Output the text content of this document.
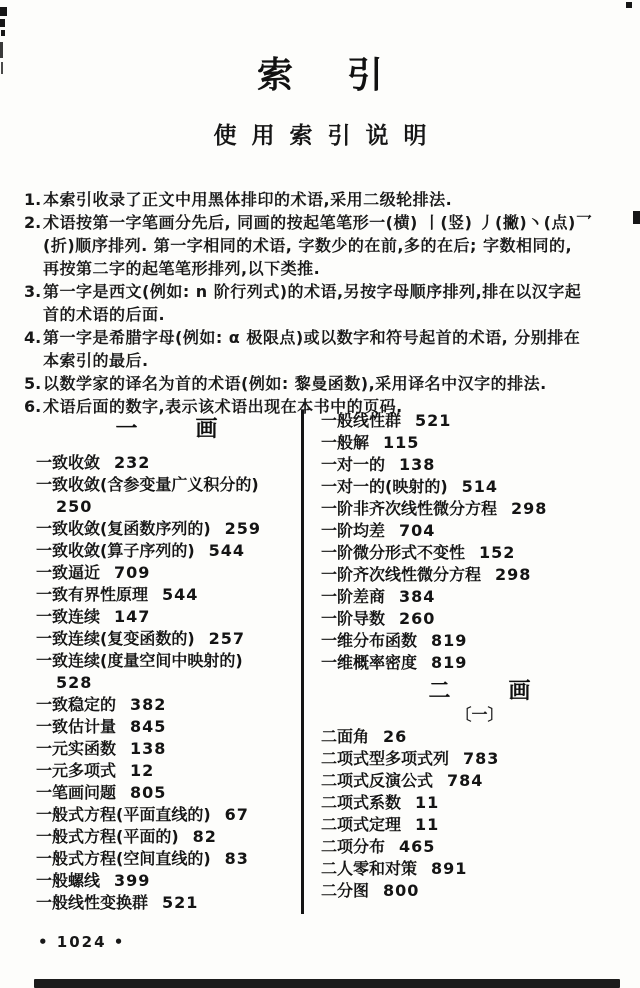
索引
使用索引说明
1. 本索引收录了正文中用黑体排印的术语,采用二级轮排法.
2. 术语按第一字笔画分先后, 同画的按起笔笔形一(横) 丨(竖) 丿(撇)丶(点)乛
(折)顺序排列. 第一字相同的术语, 字数少的在前,多的在后; 字数相同的,
再按第二字的起笔笔形排列,以下类推.
3. 第一字是西文(例如: n 阶行列式)的术语,另按字母顺序排列,排在以汉字起
首的术语的后面.
4. 第一字是希腊字母(例如: α 极限点)或以数字和符号起首的术语, 分别排在
本索引的最后.
5. 以数学家的译名为首的术语(例如: 黎曼函数),采用译名中汉字的排法.
6. 术语后面的数字,表示该术语出现在本书中的页码.
一	画
一致收敛 232
一致收敛(含参变量广义积分的)
250
一致收敛(复函数序列的) 259
一致收敛(算子序列的) 544
一致逼近 709
一致有界性原理 544
一致连续 147
一致连续(复变函数的) 257
一致连续(度量空间中映射的)
528
一致稳定的 382
一致估计量 845
一元实函数 138
一元多项式 12
一笔画问题 805
一般式方程(平面直线的) 67
一般式方程(平面的) 82
一般式方程(空间直线的) 83
一般螺线 399
一般线性变换群 521
一般线性群 521
一般解 115
一对一的 138
一对一的(映射的) 514
一阶非齐次线性微分方程 298
一阶均差 704
一阶微分形式不变性 152
一阶齐次线性微分方程 298
一阶差商 384
一阶导数 260
一维分布函数 819
一维概率密度 819
二	画
〔一〕
二面角 26
二项式型多项式列 783
二项式反演公式 784
二项式系数 11
二项式定理 11
二项分布 465
二人零和对策 891
二分图 800
• 1024 •
